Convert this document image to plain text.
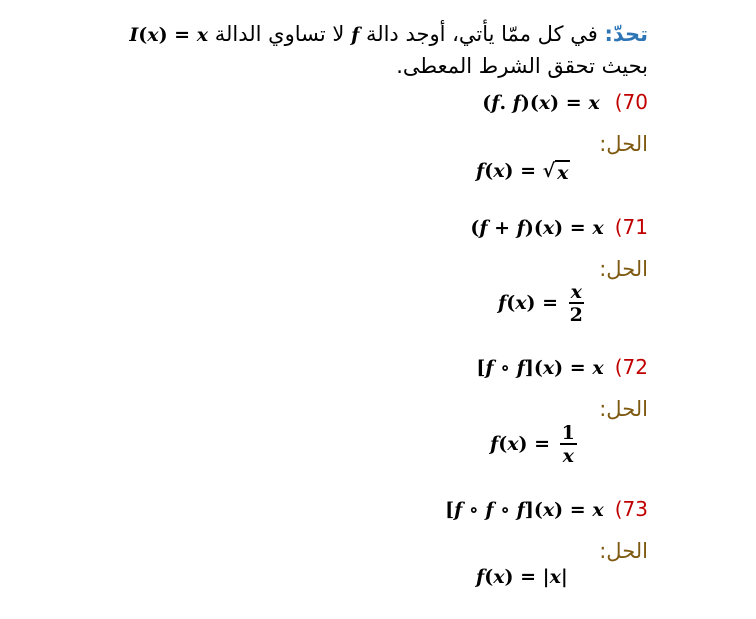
تحدّ: في كل ممّا يأتي، أوجد دالة f لا تساوي الدالة I(x) = x
بحيث تحقق الشرط المعطى.
(f. f)(x) = x (70
الحل:
f(x) = √ x
(f + f)(x) = x (71
الحل:
$f(x) = \frac{x}{2}$
[f ∘ f](x) = x (72
الحل:
$f(x) = \frac{1}{x}$
[f ∘ f ∘ f](x) = x (73
الحل:
f(x) = |x|
